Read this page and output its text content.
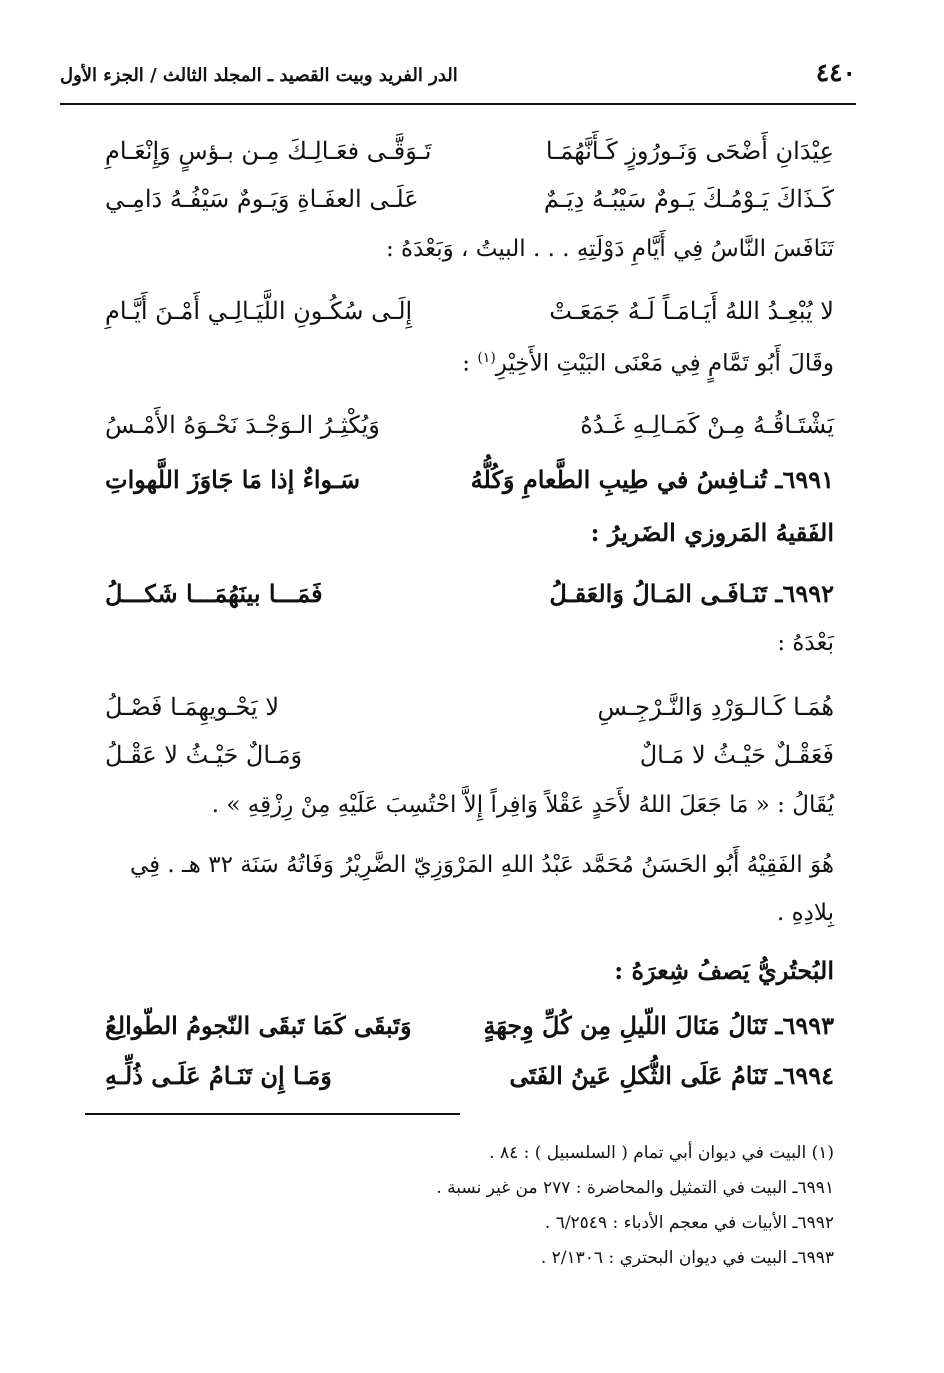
٤٤٠
الدر الفريد وبيت القصيد ـ المجلد الثالث / الجزء الأول
عِيْدَانِ أَضْحَى وَنَـورُوزٍ كَـأَنَّهُمَـا
تَـوَقَّـى فعَـالِـكَ مِـن بـؤسٍ وَإِنْعَـامِ
كَـذَاكَ يَـوْمُـكَ يَـومٌ سَيْبُـهُ دِيَـمٌ
عَلَـى العفَـاةِ وَيَـومٌ سَيْفُـهُ دَامِـي
تَنَافَسَ النَّاسُ فِي أَيَّامِ دَوْلَتِهِ . . . البيتُ ، وَبَعْدَهُ :
لا يُبْعِـدُ اللهُ أَيَـامَـاً لَـهُ جَمَعَـتْ
إِلَـى سُكُـونِ اللَّيَـالِـي أَمْـنَ أَيَّـامِ
وقَالَ أَبُو تَمَّامٍ فِي مَعْنَى البَيْتِ الأَخِيْرِ$^{(١)}$ :
يَشْتَـاقُـهُ مِـنْ كَمَـالِـهِ غَـدُهُ
وَيُكْثِـرُ الـوَجْـدَ نَحْـوَهُ الأَمْـسُ
٦٩٩١ـ تُنـافِسُ في طِيبِ الطَّعامِ وَكُلُّهُ
سَـواءٌ إذا مَا جَاوَزَ اللَّهواتِ
الفَقيهُ المَروزي الضَريرُ :
٦٩٩٢ـ تَنَـافَـى المَـالُ وَالعَقـلُ
فَمَـــا بينَهُمَـــا شَكـــلُ
بَعْدَهُ :
هُمَـا كَـالـوَرْدِ وَالنَّـرْجِـسِ
لا يَحْـويهِمَـا فَصْـلُ
فَعَقْـلٌ حَيْـثُ لا مَـالٌ
وَمَـالٌ حَيْـثُ لا عَقْـلُ
يُقَالُ : « مَا جَعَلَ اللهُ لأَحَدٍ عَقْلاً وَافِراً إِلاَّ احْتُسِبَ عَلَيْهِ مِنْ رِزْقِهِ » .
هُوَ الفَقِيْهُ أَبُو الحَسَنُ مُحَمَّد عَبْدُ اللهِ المَرْوَزِيّ الضَّرِيْرُ وَفَاتُهُ سَنَة ٣٢ هـ . فِي
بِلادِهِ .
البُحتُريُّ يَصفُ شِعرَهُ :
٦٩٩٣ـ تَنَالُ مَنَالَ اللّيلِ مِن كُلِّ وِجهَةٍ
وَتَبقَى كَمَا تَبقَى النّجومُ الطّوالِعُ
٦٩٩٤ـ تَنَامُ عَلَى الثُّكلِ عَينُ الفَتَى
وَمَـا إِن تَنَـامُ عَلَـى ذُلِّـهِ
(١) البيت في ديوان أبي تمام ( السلسبيل ) : ٨٤ .
٦٩٩١ـ البيت في التمثيل والمحاضرة : ٢٧٧ من غير نسبة .
٦٩٩٢ـ الأبيات في معجم الأدباء : ٦/٢٥٤٩ .
٦٩٩٣ـ البيت في ديوان البحتري : ٢/١٣٠٦ .
